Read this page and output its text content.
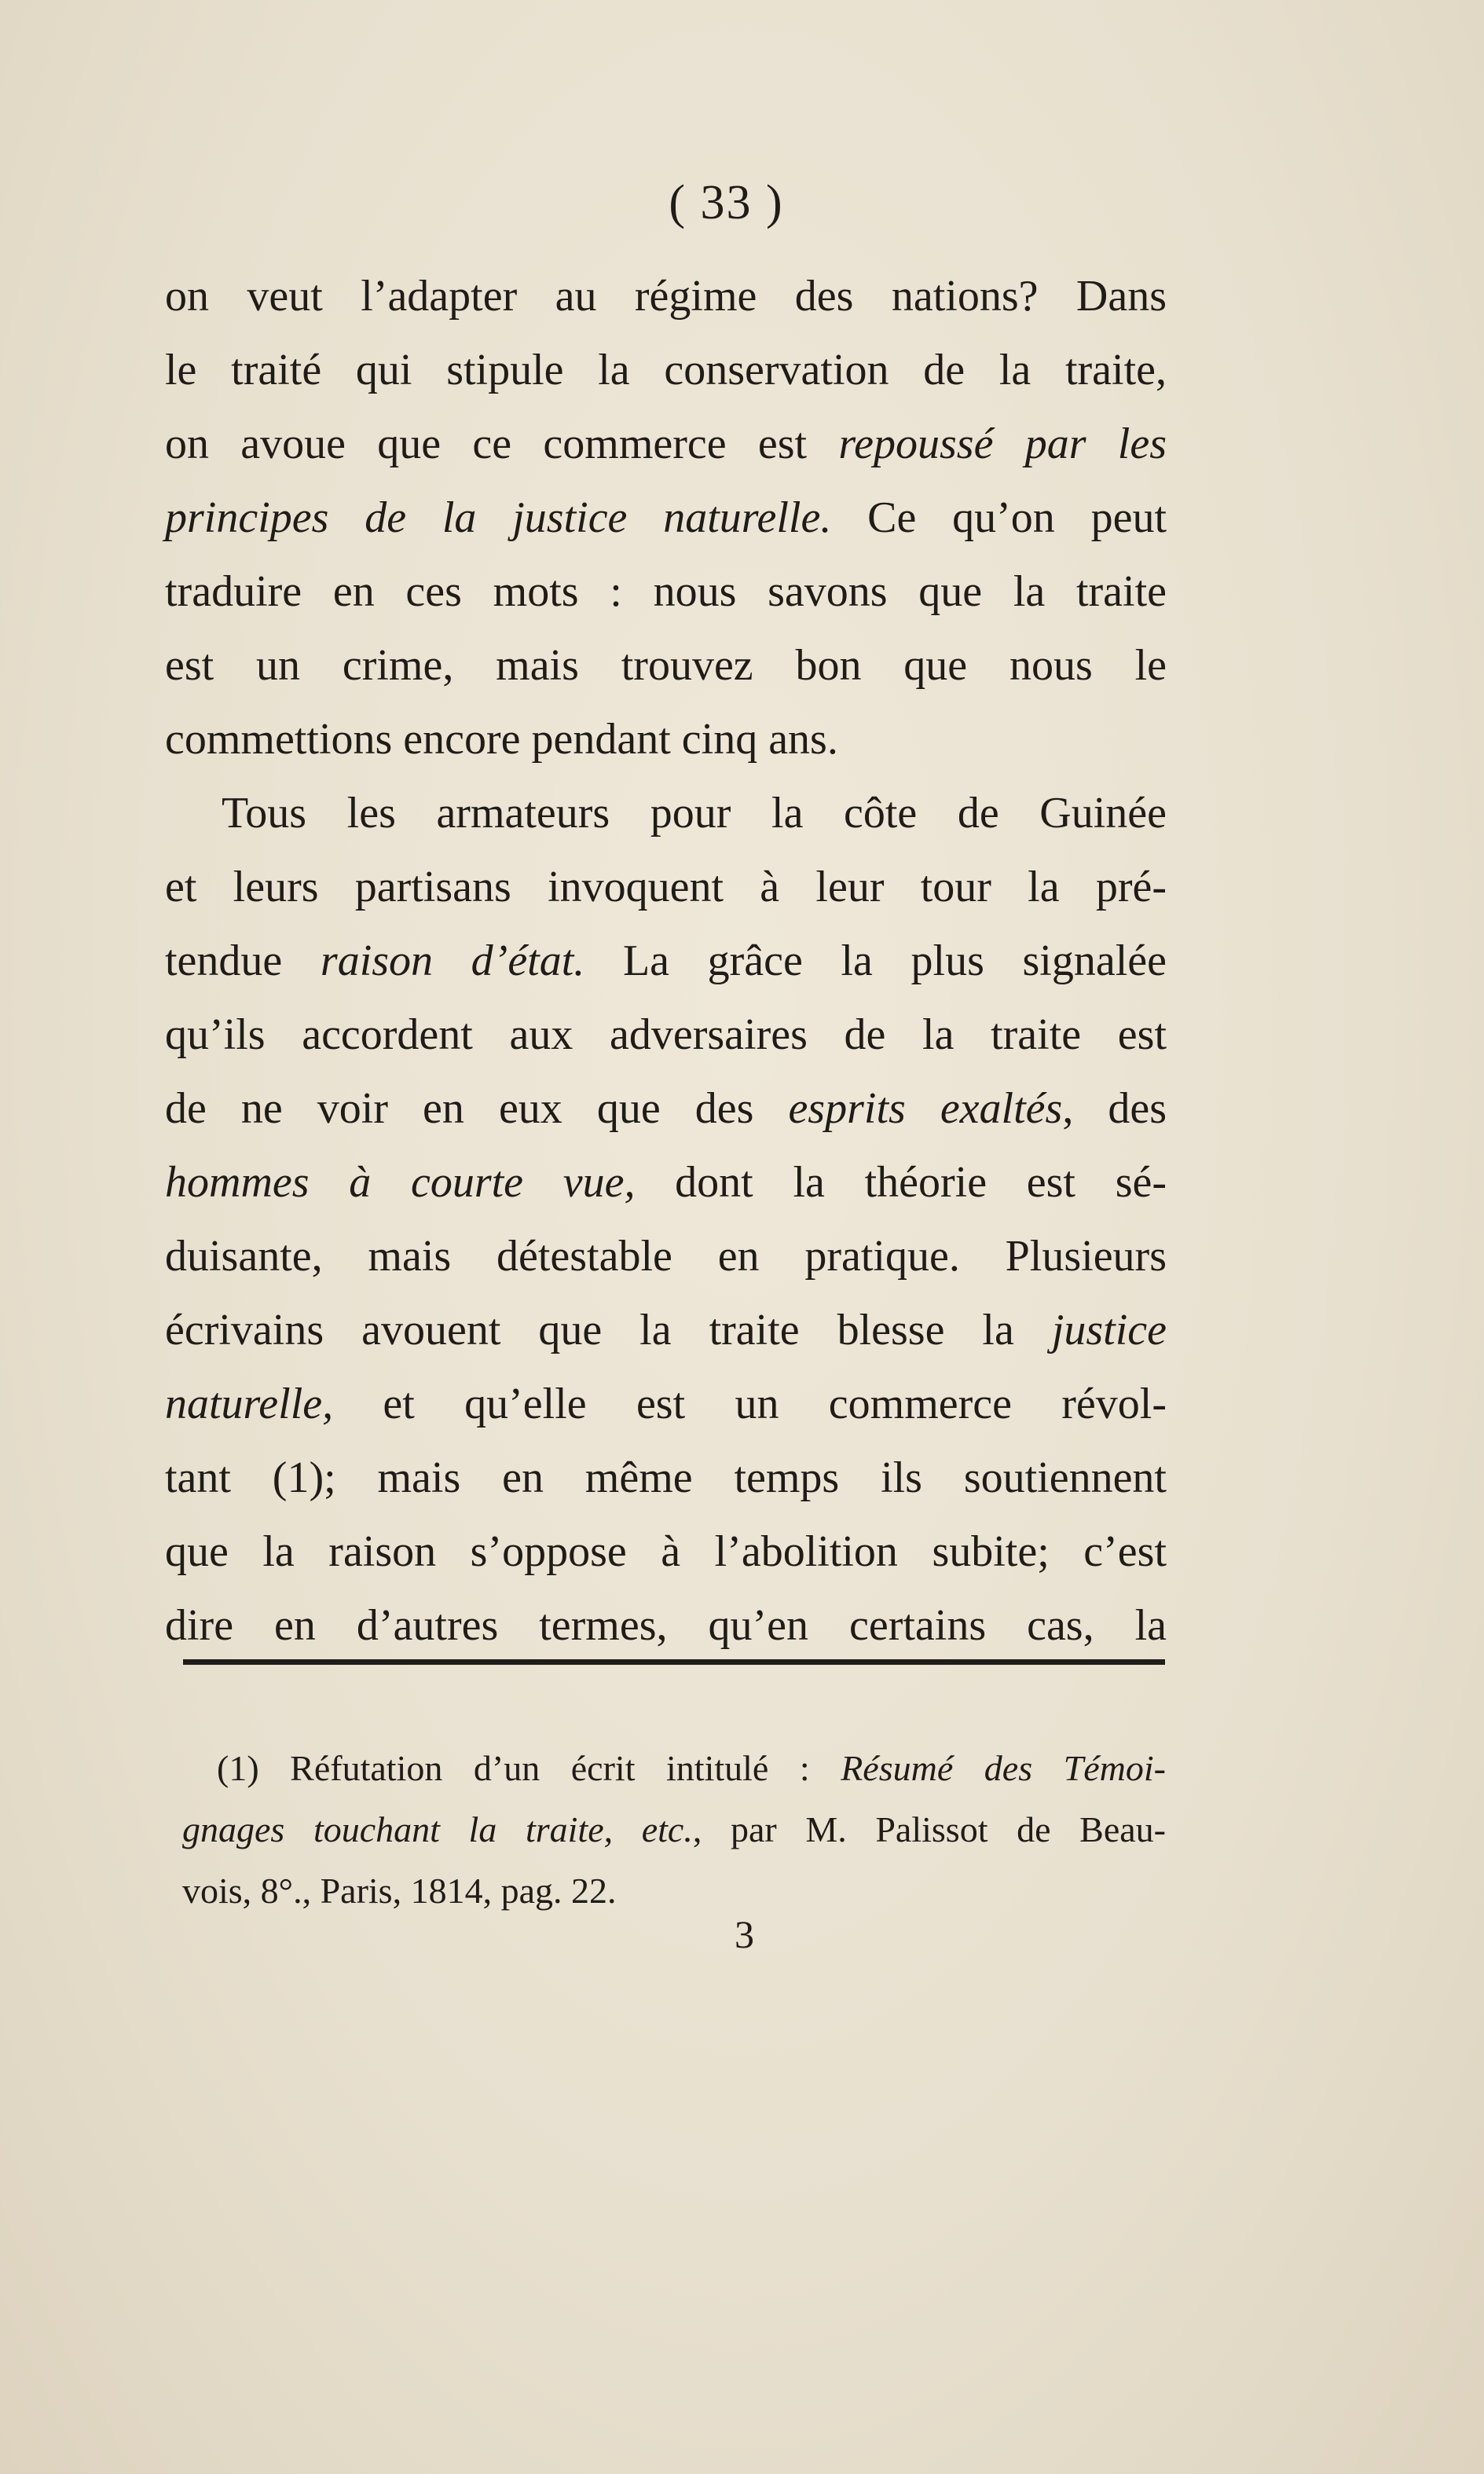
( 33 )
on veut l’adapter au régime des nations? Dans
le traité qui stipule la conservation de la traite,
on avoue que ce commerce est repoussé par les
principes de la justice naturelle. Ce qu’on peut
traduire en ces mots : nous savons que la traite
est un crime, mais trouvez bon que nous le
commettions encore pendant cinq ans.
Tous les armateurs pour la côte de Guinée
et leurs partisans invoquent à leur tour la pré-
tendue raison d’état. La grâce la plus signalée
qu’ils accordent aux adversaires de la traite est
de ne voir en eux que des esprits exaltés, des
hommes à courte vue, dont la théorie est sé-
duisante, mais détestable en pratique. Plusieurs
écrivains avouent que la traite blesse la justice
naturelle, et qu’elle est un commerce révol-
tant (1); mais en même temps ils soutiennent
que la raison s’oppose à l’abolition subite; c’est
dire en d’autres termes, qu’en certains cas, la
(1) Réfutation d’un écrit intitulé : Résumé des Témoi-
gnages touchant la traite, etc., par M. Palissot de Beau-
vois, 8°., Paris, 1814, pag. 22.
3
